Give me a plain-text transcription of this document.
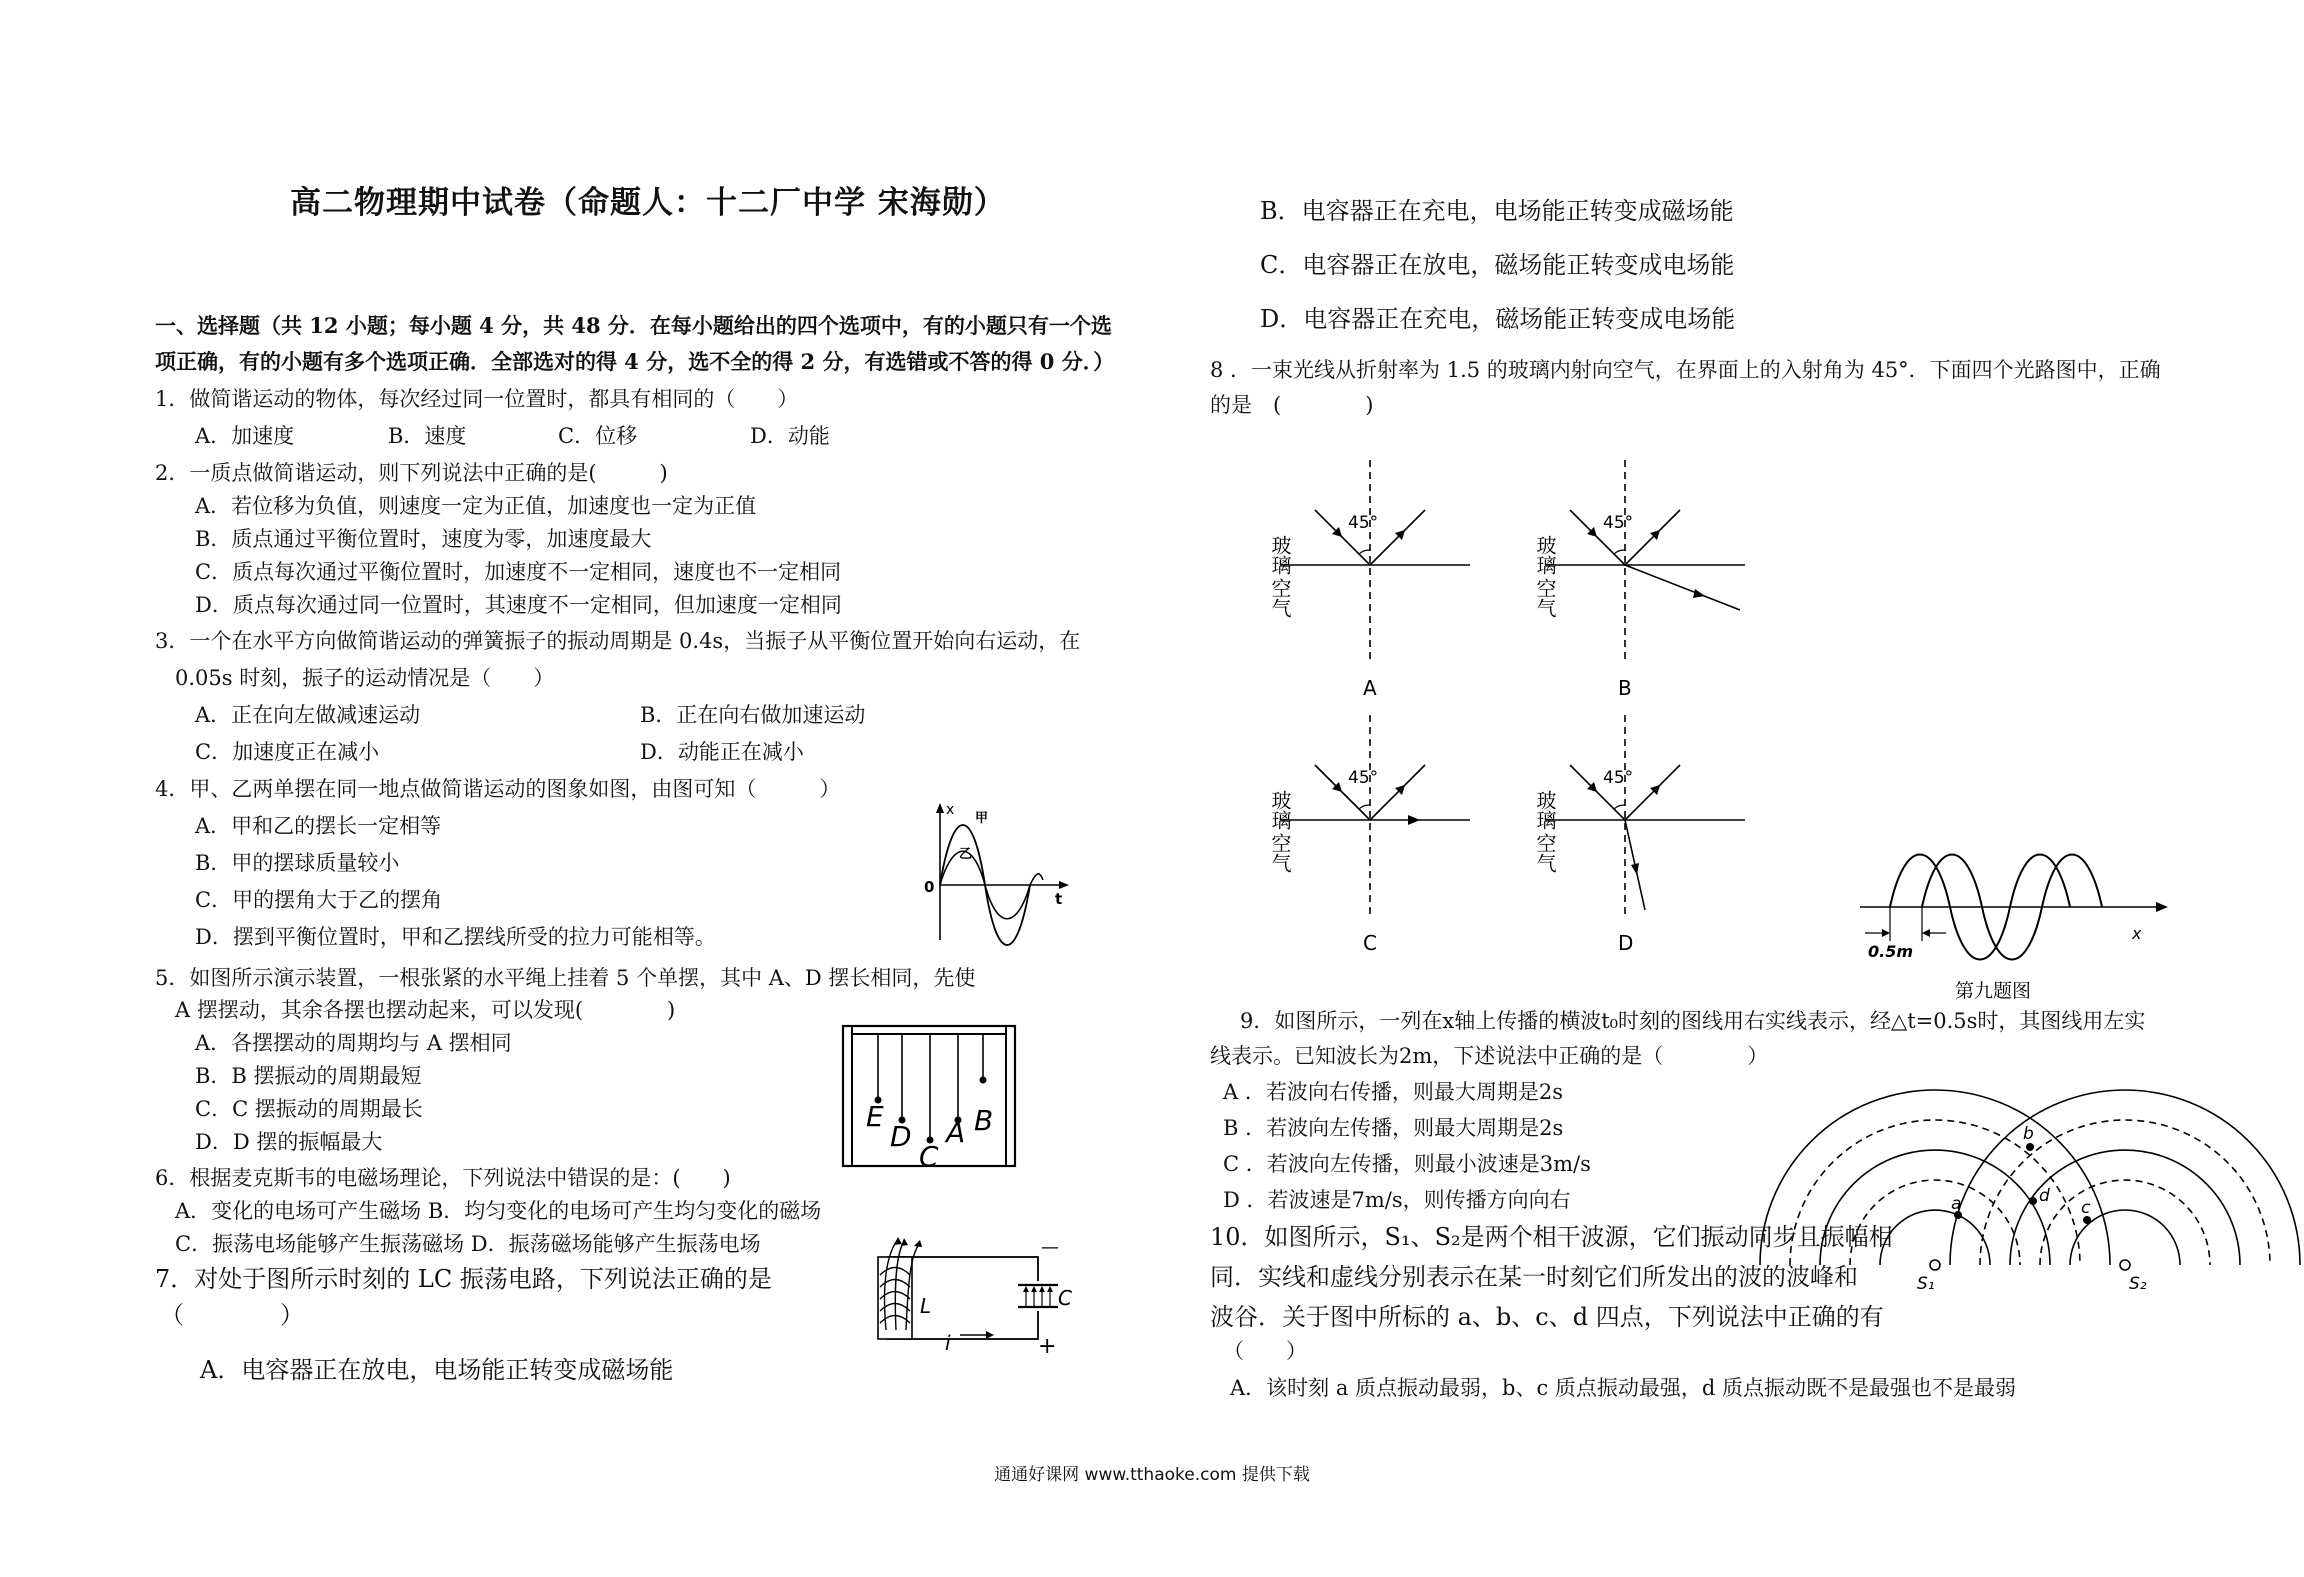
高二物理期中试卷（命题人：十二厂中学 宋海勋）
一、选择题（共 12 小题；每小题 4 分，共 48 分．在每小题给出的四个选项中，有的小题只有一个选
项正确，有的小题有多个选项正确．全部选对的得 4 分，选不全的得 2 分，有选错或不答的得 0 分．）
1．做简谐运动的物体，每次经过同一位置时，都具有相同的（　　）
A．加速度	B．速度	C．位移	D．动能
2．一质点做简谐运动，则下列说法中正确的是(　　　)
A．若位移为负值，则速度一定为正值，加速度也一定为正值
B．质点通过平衡位置时，速度为零，加速度最大
C．质点每次通过平衡位置时，加速度不一定相同，速度也不一定相同
D．质点每次通过同一位置时，其速度不一定相同，但加速度一定相同
3．一个在水平方向做简谐运动的弹簧振子的振动周期是 0.4s，当振子从平衡位置开始向右运动，在
0.05s 时刻，振子的运动情况是（　　）
A．正在向左做减速运动	B．正在向右做加速运动
C．加速度正在减小	D．动能正在减小
4．甲、乙两单摆在同一地点做简谐运动的图象如图，由图可知（　　　）
A．甲和乙的摆长一定相等
B．甲的摆球质量较小
C．甲的摆角大于乙的摆角
D．摆到平衡位置时，甲和乙摆线所受的拉力可能相等。
x
甲
乙
0
t
5．如图所示演示装置，一根张紧的水平绳上挂着 5 个单摆，其中 A、D 摆长相同，先使
A 摆摆动，其余各摆也摆动起来，可以发现(　　　　)
A．各摆摆动的周期均与 A 摆相同
B．B 摆振动的周期最短
C．C 摆振动的周期最长
D．D 摆的振幅最大
E
D
C
A B
6．根据麦克斯韦的电磁场理论，下列说法中错误的是：(　　)
A．变化的电场可产生磁场 B．均匀变化的电场可产生均匀变化的磁场
C．振荡电场能够产生振荡磁场 D．振荡磁场能够产生振荡电场
7．对处于图所示时刻的 LC 振荡电路，下列说法正确的是
（　　　　）
A．电容器正在放电，电场能正转变成磁场能
—
+
L	C
i
B．电容器正在充电，电场能正转变成磁场能
C．电容器正在放电，磁场能正转变成电场能
D．电容器正在充电，磁场能正转变成电场能
8 ．一束光线从折射率为 1.5 的玻璃内射向空气，在界面上的入射角为 45°．下面四个光路图中，正确
的是　(　　　　)
45°
玻璃
空气
A
45°
玻璃
空气
B
45°
玻璃
空气
C
45°
玻璃
空气
D	0.5m
x
第九题图
9．如图所示，一列在x轴上传播的横波t₀时刻的图线用右实线表示，经△t=0.5s时，其图线用左实
线表示。已知波长为2m，下述说法中正确的是（　　　　）
A ．若波向右传播，则最大周期是2s
B ．若波向左传播，则最大周期是2s
C ．若波向左传播，则最小波速是3m/s
D ．若波速是7m/s，则传播方向向右
10．如图所示，S₁、S₂是两个相干波源，它们振动同步且振幅相
同．实线和虚线分别表示在某一时刻它们所发出的波的波峰和
波谷．关于图中所标的 a、b、c、d 四点，下列说法中正确的有
（　　）
A．该时刻 a 质点振动最弱，b、c 质点振动最强，d 质点振动既不是最强也不是最弱
a
b
c
d
S₁	S₂
通通好课网 www.tthaoke.com 提供下载
